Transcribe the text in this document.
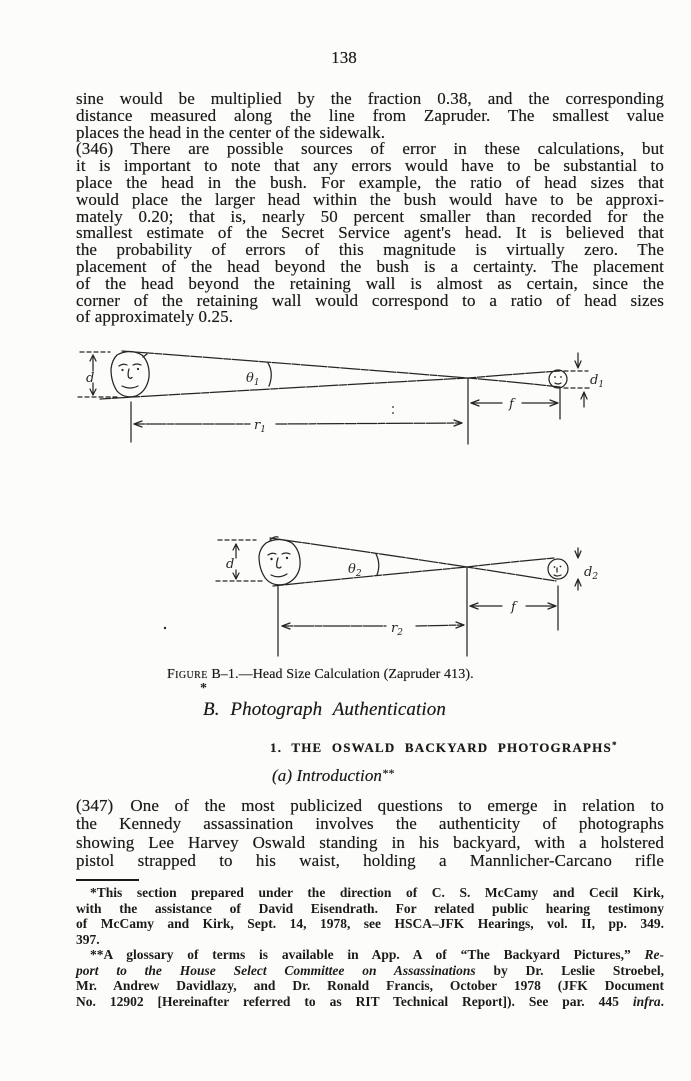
138
sine would be multiplied by the fraction 0.38, and the corresponding
distance measured along the line from Zapruder. The smallest value
places the head in the center of the sidewalk.
(346) There are possible sources of error in these calculations, but
it is important to note that any errors would have to be substantial to
place the head in the bush. For example, the ratio of head sizes that
would place the larger head within the bush would have to be approxi-
mately 0.20; that is, nearly 50 percent smaller than recorded for the
smallest estimate of the Secret Service agent's head. It is believed that
the probability of errors of this magnitude is virtually zero. The
placement of the head beyond the bush is a certainty. The placement
of the head beyond the retaining wall is almost as certain, since the
corner of the retaining wall would correspond to a ratio of head sizes
of approximately 0.25.
d	$\theta_1$
$r_1$
f
$d_1$
d	$\theta_2$	$d_2$
f
$r_2$
Figure B–1.—Head Size Calculation (Zapruder 413).
*
B. Photograph Authentication
1. THE OSWALD BACKYARD PHOTOGRAPHS*
(a) Introduction**
(347) One of the most publicized questions to emerge in relation to
the Kennedy assassination involves the authenticity of photographs
showing Lee Harvey Oswald standing in his backyard, with a holstered
pistol strapped to his waist, holding a Mannlicher-Carcano rifle
*This section prepared under the direction of C. S. McCamy and Cecil Kirk,
with the assistance of David Eisendrath. For related public hearing testimony
of McCamy and Kirk, Sept. 14, 1978, see HSCA–JFK Hearings, vol. II, pp. 349.
397.
**A glossary of terms is available in App. A of “The Backyard Pictures,” Re-
port to the House Select Committee on Assassinations by Dr. Leslie Stroebel,
Mr. Andrew Davidlazy, and Dr. Ronald Francis, October 1978 (JFK Document
No. 12902 [Hereinafter referred to as RIT Technical Report]). See par. 445 infra.
